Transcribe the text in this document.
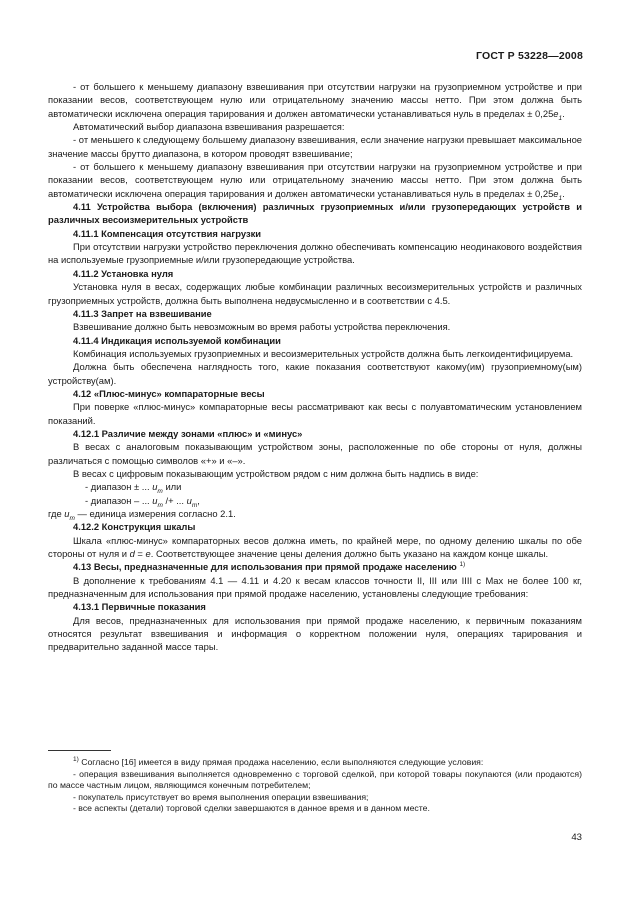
ГОСТ Р 53228—2008

- от большего к меньшему диапазону взвешивания при отсутствии нагрузки на грузоприемном устройстве и при показании весов, соответствующем нулю или отрицательному значению массы нетто. При этом должна быть автоматически исключена операция тарирования и должен автоматически устанавливаться нуль в пределах ± $0,25e_1$.

Автоматический выбор диапазона взвешивания разрешается:

- от меньшего к следующему большему диапазону взвешивания, если значение нагрузки превышает максимальное значение массы брутто диапазона, в котором проводят взвешивание;

- от большего к меньшему диапазону взвешивания при отсутствии нагрузки на грузоприемном устройстве и при показании весов, соответствующем нулю или отрицательному значению массы нетто. При этом должна быть автоматически исключена операция тарирования и должен автоматически устанавливаться нуль в пределах ± $0,25e_1$.

4.11 Устройства выбора (включения) различных грузоприемных и/или грузопередающих устройств и различных весоизмерительных устройств

4.11.1 Компенсация отсутствия нагрузки

При отсутствии нагрузки устройство переключения должно обеспечивать компенсацию неодинакового воздействия на используемые грузоприемные и/или грузопередающие устройства.

4.11.2 Установка нуля

Установка нуля в весах, содержащих любые комбинации различных весоизмерительных устройств и различных грузоприемных устройств, должна быть выполнена недвусмысленно и в соответствии с 4.5.

4.11.3 Запрет на взвешивание

Взвешивание должно быть невозможным во время работы устройства переключения.

4.11.4 Индикация используемой комбинации

Комбинация используемых грузоприемных и весоизмерительных устройств должна быть легкоидентифицируема.

Должна быть обеспечена наглядность того, какие показания соответствуют какому(им) грузоприемному(ым) устройству(ам).

4.12 «Плюс-минус» компараторные весы

При поверке «плюс-минус» компараторные весы рассматривают как весы с полуавтоматическим установлением показаний.

4.12.1 Различие между зонами «плюс» и «минус»

В весах с аналоговым показывающим устройством зоны, расположенные по обе стороны от нуля, должны различаться с помощью символов «+» и «–».

В весах с цифровым показывающим устройством рядом с ним должна быть надпись в виде:

- диапазон ± ... $u_m$ или

- диапазон – ... $u_m$ /+ ... $u_m$,

где $u_m$ — единица измерения согласно 2.1.

4.12.2 Конструкция шкалы

Шкала «плюс-минус» компараторных весов должна иметь, по крайней мере, по одному делению шкалы по обе стороны от нуля и d = e. Соответствующее значение цены деления должно быть указано на каждом конце шкалы.

4.13 Весы, предназначенные для использования при прямой продаже населению $^{1)}$

В дополнение к требованиям 4.1 — 4.11 и 4.20 к весам классов точности II, III или IIII с Max не более 100 кг, предназначенным для использования при прямой продаже населению, установлены следующие требования:

4.13.1 Первичные показания

Для весов, предназначенных для использования при прямой продаже населению, к первичным показаниям относятся результат взвешивания и информация о корректном положении нуля, операциях тарирования и предварительно заданной массе тары.

$^{1)}$ Согласно [16] имеется в виду прямая продажа населению, если выполняются следующие условия:

- операция взвешивания выполняется одновременно с торговой сделкой, при которой товары покупаются (или продаются) по массе частным лицом, являющимся конечным потребителем;

- покупатель присутствует во время выполнения операции взвешивания;

- все аспекты (детали) торговой сделки завершаются в данное время и в данном месте.

43
